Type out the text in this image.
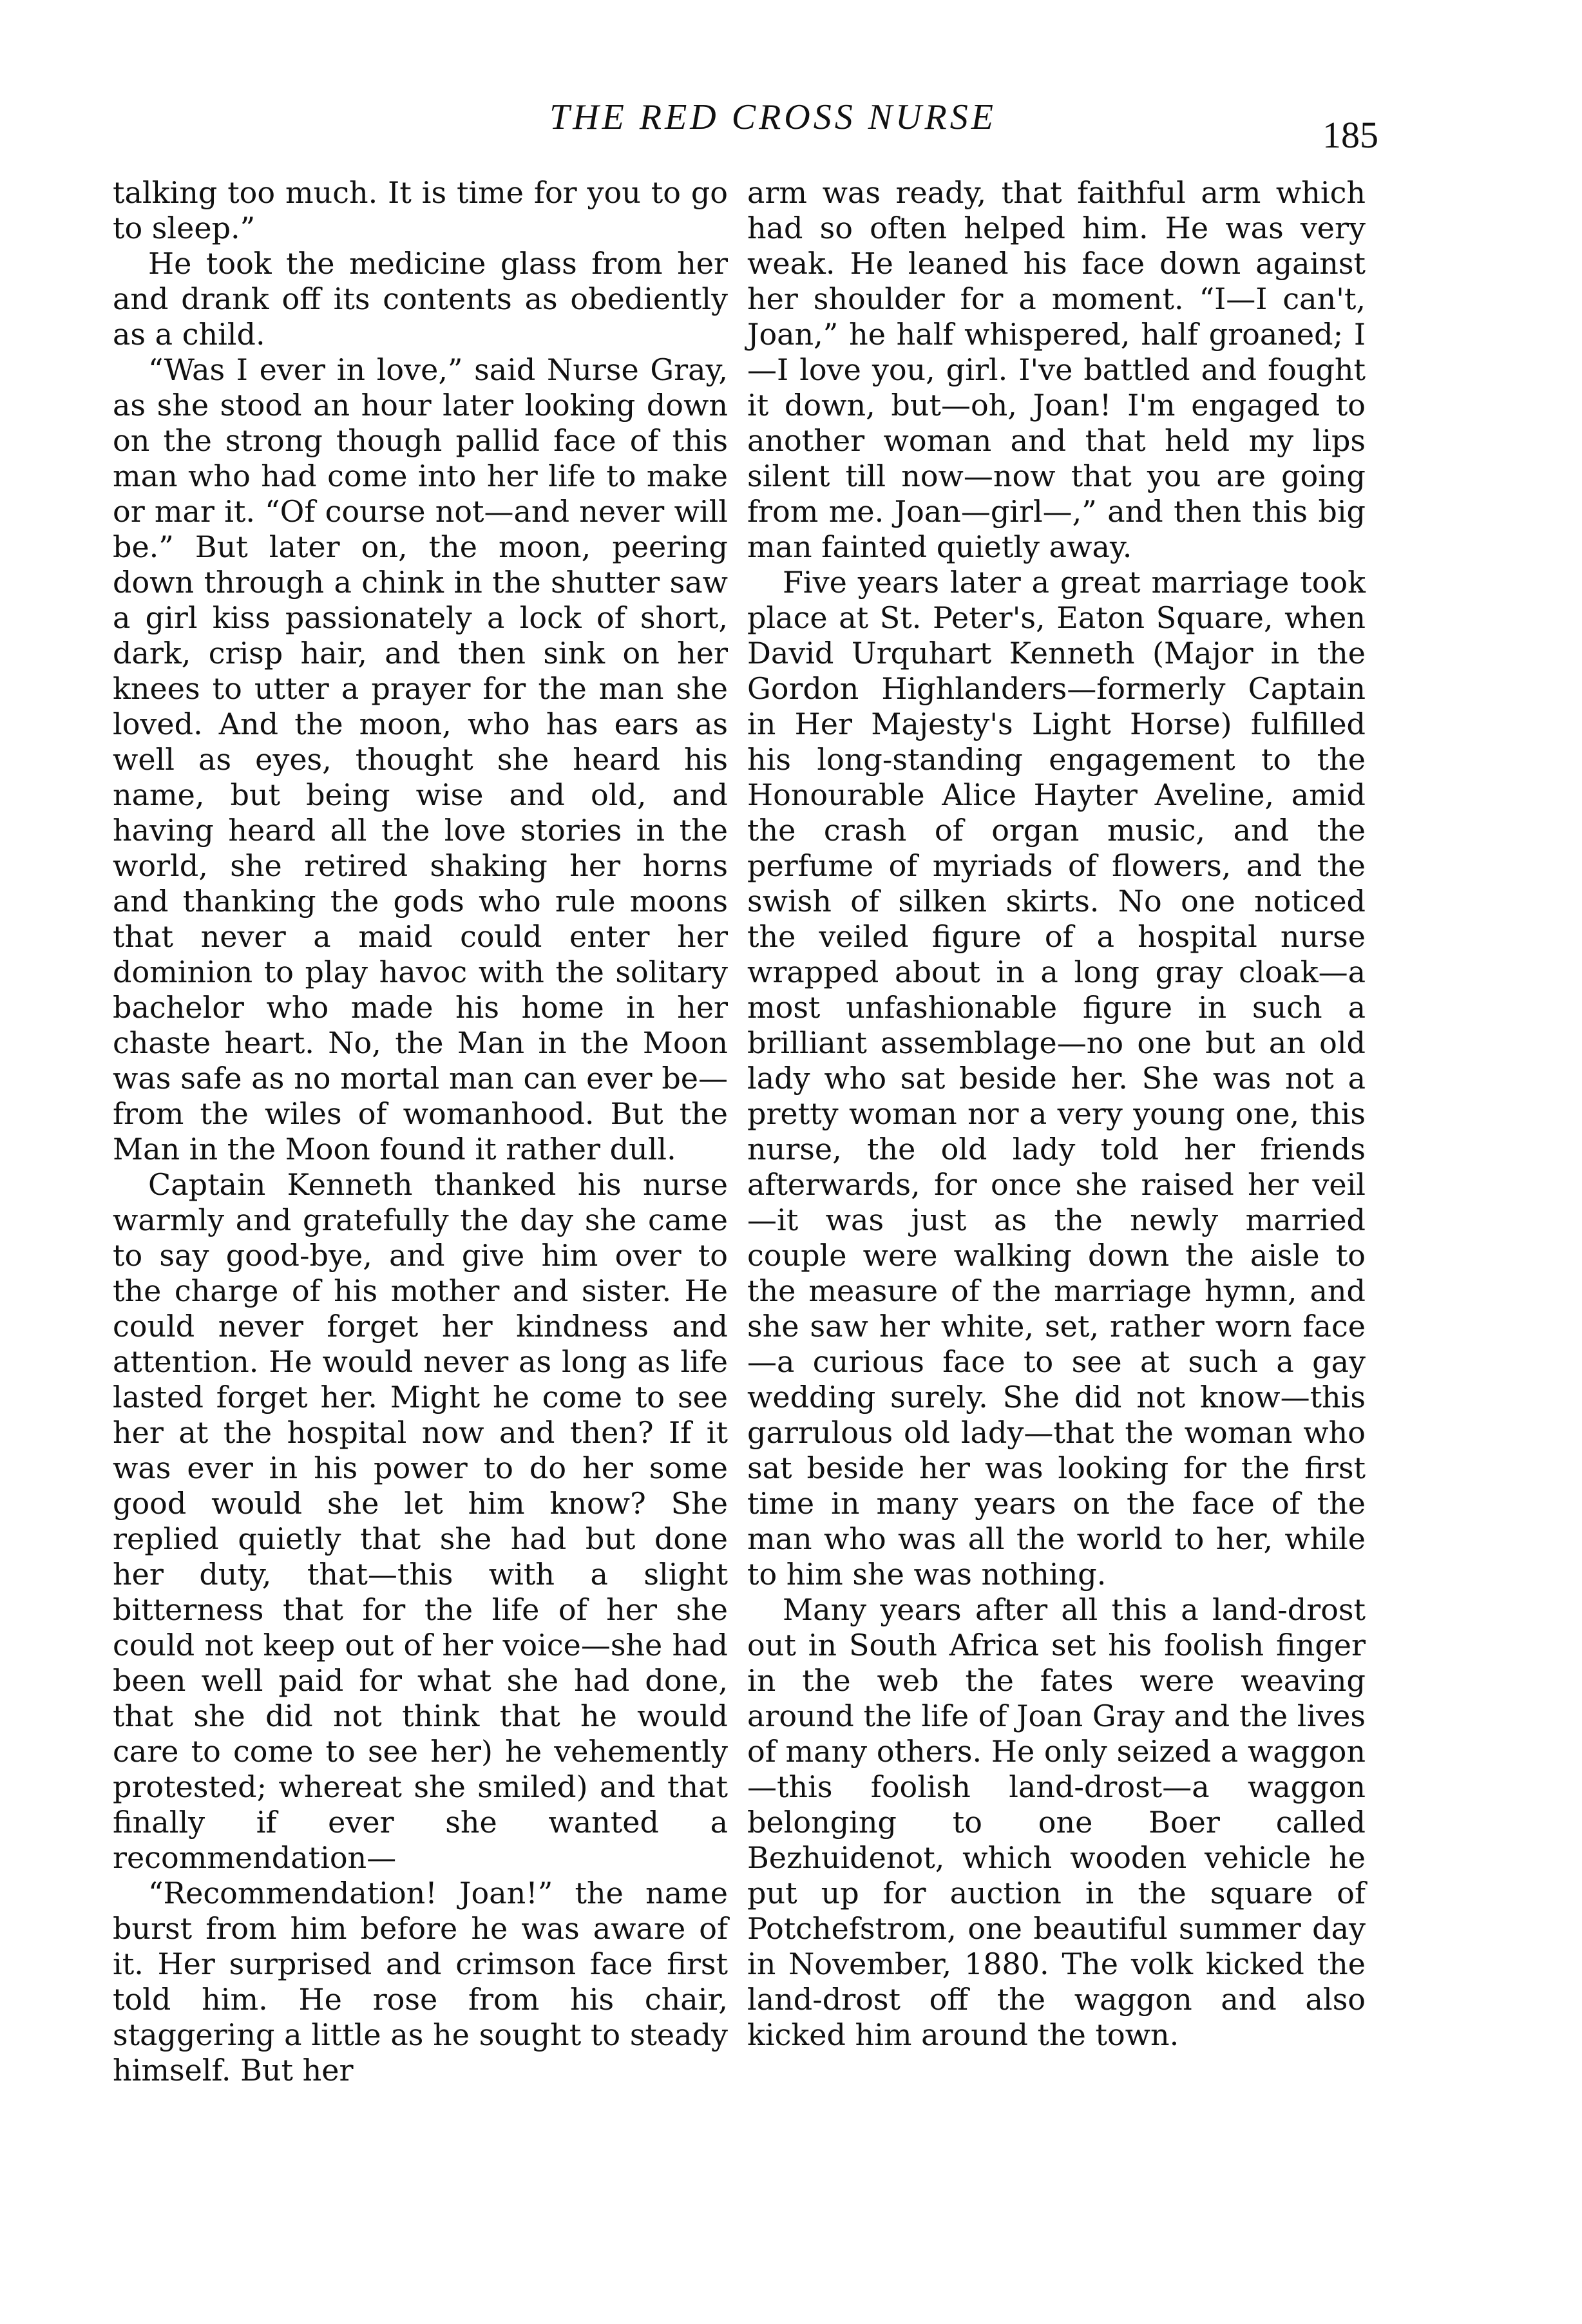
THE RED CROSS NURSE	185

talking too much. It is time for you to go to sleep.”

He took the medicine glass from her and drank off its contents as obediently as a child.

“Was I ever in love,” said Nurse Gray, as she stood an hour later looking down on the strong though pallid face of this man who had come into her life to make or mar it. “Of course not—and never will be.” But later on, the moon, peering down through a chink in the shutter saw a girl kiss passionately a lock of short, dark, crisp hair, and then sink on her knees to utter a prayer for the man she loved. And the moon, who has ears as well as eyes, thought she heard his name, but being wise and old, and having heard all the love stories in the world, she retired shaking her horns and thanking the gods who rule moons that never a maid could enter her dominion to play havoc with the solitary bachelor who made his home in her chaste heart. No, the Man in the Moon was safe as no mortal man can ever be—from the wiles of womanhood. But the Man in the Moon found it rather dull.

Captain Kenneth thanked his nurse warmly and gratefully the day she came to say good-bye, and give him over to the charge of his mother and sister. He could never forget her kindness and attention. He would never as long as life lasted forget her. Might he come to see her at the hospital now and then? If it was ever in his power to do her some good would she let him know? She replied quietly that she had but done her duty, that—this with a slight bitterness that for the life of her she could not keep out of her voice—she had been well paid for what she had done, that she did not think that he would care to come to see her) he vehemently protested; whereat she smiled) and that finally if ever she wanted a recommendation—

“Recommendation! Joan!” the name burst from him before he was aware of it. Her surprised and crimson face first told him. He rose from his chair, staggering a little as he sought to steady himself. But her

arm was ready, that faithful arm which had so often helped him. He was very weak. He leaned his face down against her shoulder for a moment. “I—I can't, Joan,” he half whispered, half groaned; I—I love you, girl. I've battled and fought it down, but—oh, Joan! I'm engaged to another woman and that held my lips silent till now—now that you are going from me. Joan—girl—,” and then this big man fainted quietly away.

Five years later a great marriage took place at St. Peter's, Eaton Square, when David Urquhart Kenneth (Major in the Gordon Highlanders—formerly Captain in Her Majesty's Light Horse) fulfilled his long-standing engagement to the Honourable Alice Hayter Aveline, amid the crash of organ music, and the perfume of myriads of flowers, and the swish of silken skirts. No one noticed the veiled figure of a hospital nurse wrapped about in a long gray cloak—a most unfashionable figure in such a brilliant assemblage—no one but an old lady who sat beside her. She was not a pretty woman nor a very young one, this nurse, the old lady told her friends afterwards, for once she raised her veil—it was just as the newly married couple were walking down the aisle to the measure of the marriage hymn, and she saw her white, set, rather worn face—a curious face to see at such a gay wedding surely. She did not know—this garrulous old lady—that the woman who sat beside her was looking for the first time in many years on the face of the man who was all the world to her, while to him she was nothing.

Many years after all this a land-drost out in South Africa set his foolish finger in the web the fates were weaving around the life of Joan Gray and the lives of many others. He only seized a waggon—this foolish land-drost—a waggon belonging to one Boer called Bezhuidenot, which wooden vehicle he put up for auction in the square of Potchefstrom, one beautiful summer day in November, 1880. The volk kicked the land-drost off the waggon and also kicked him around the town.
